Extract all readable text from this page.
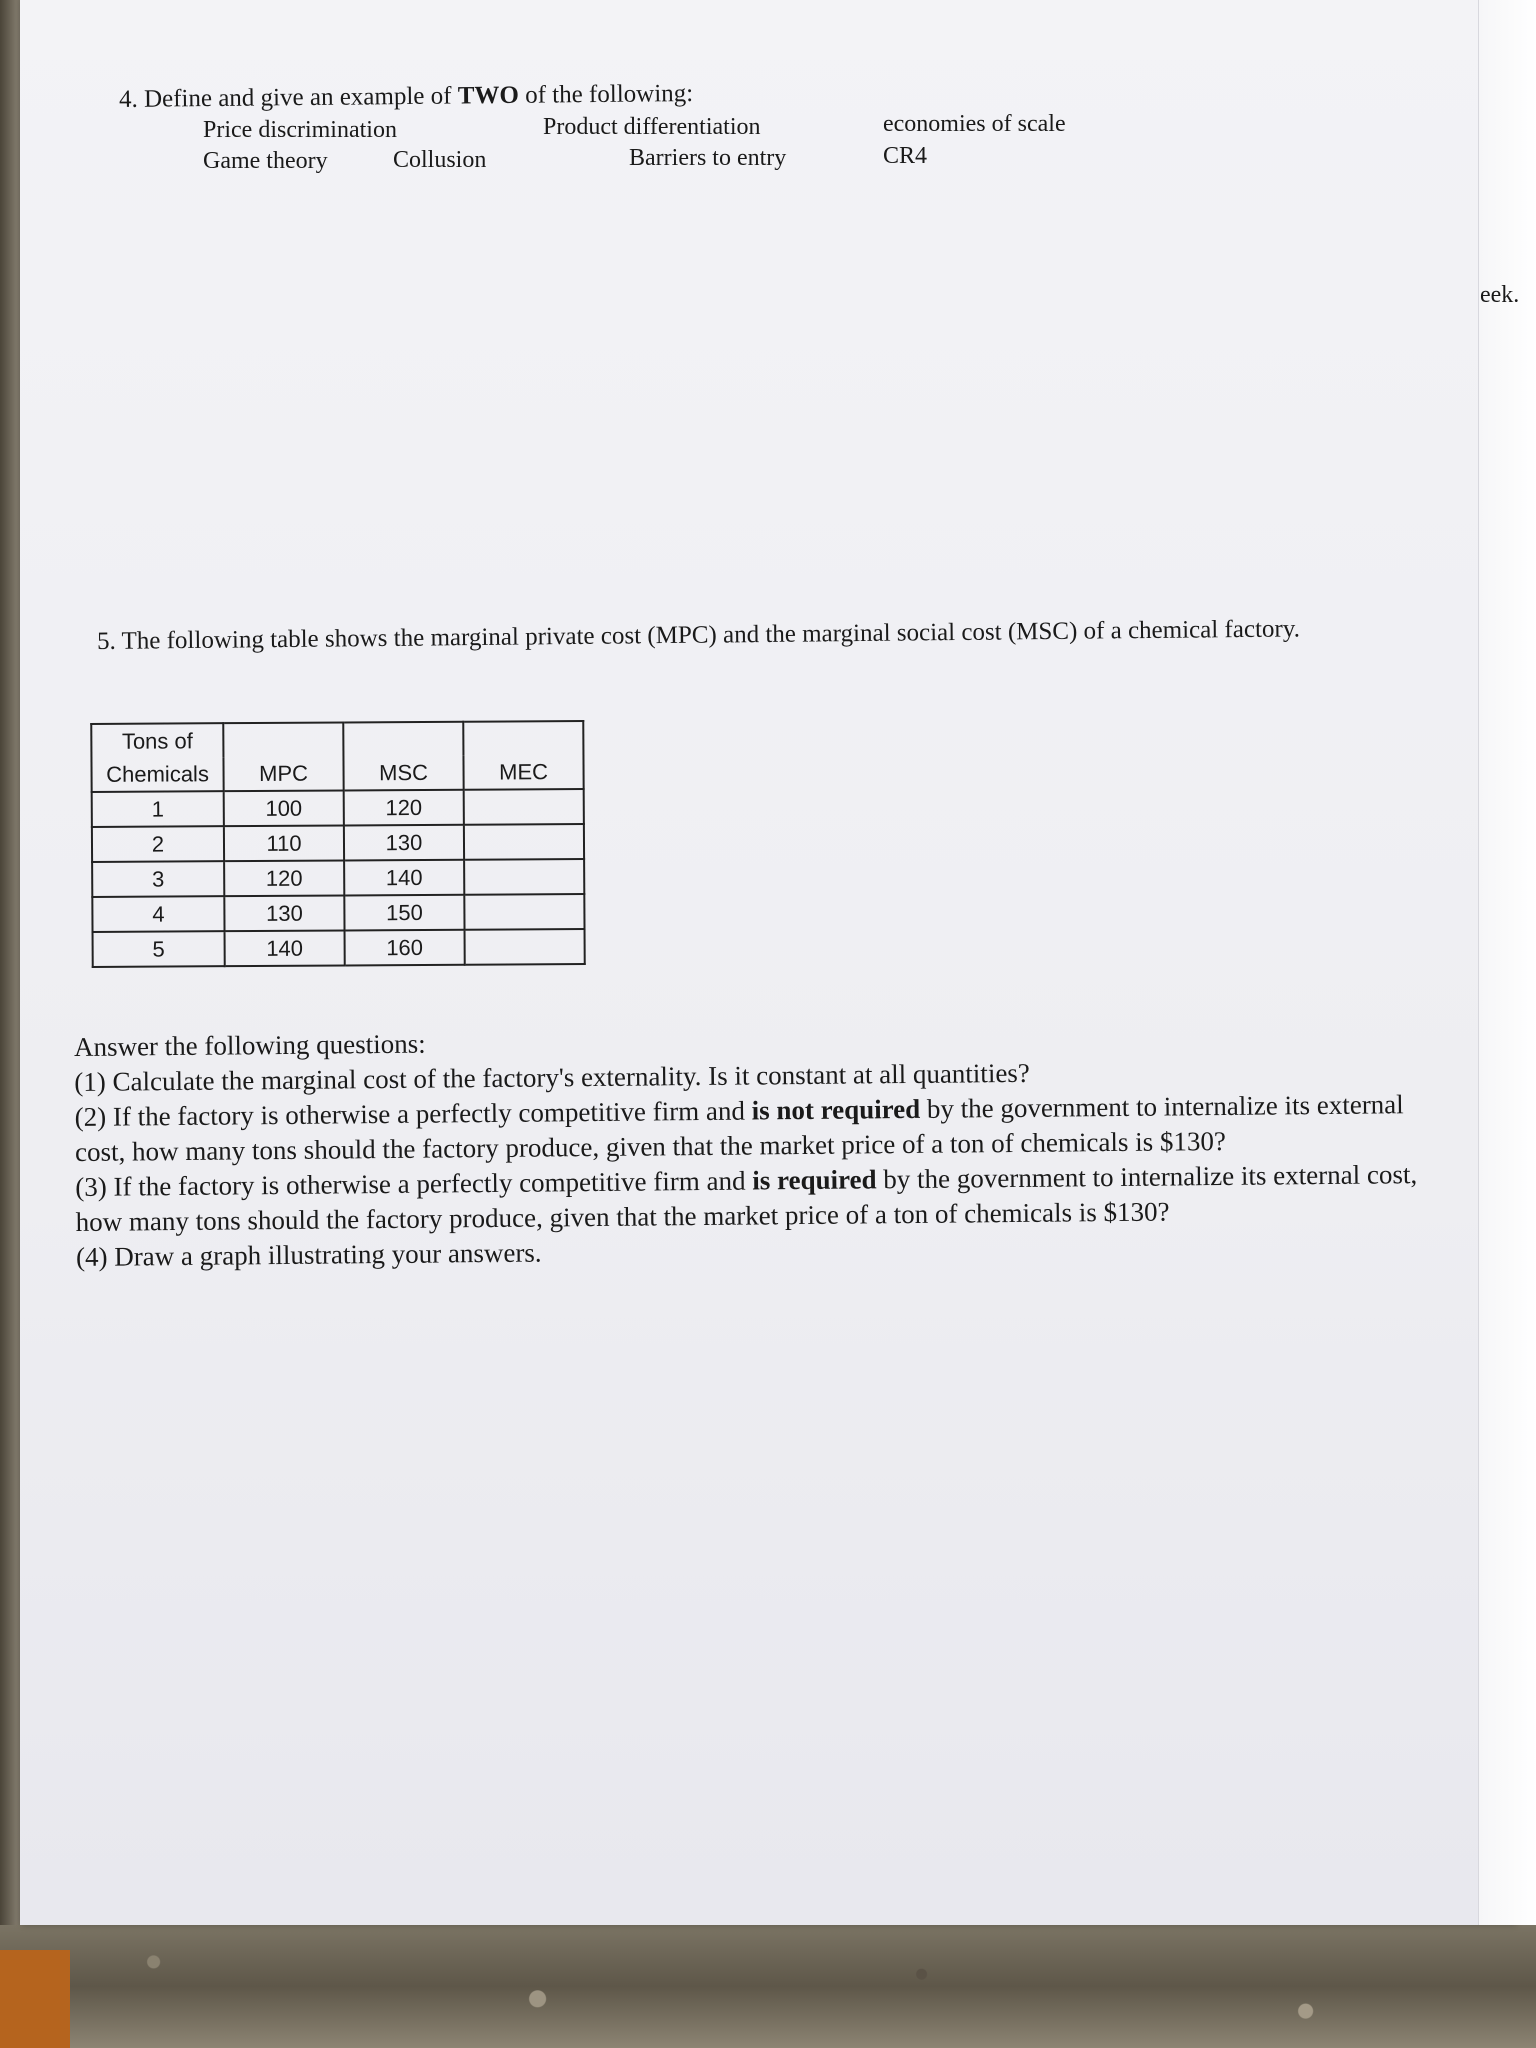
eek.
4. Define and give an example of TWO of the following:
Price discrimination	Product differentiation	economies of scale
Game theory	Collusion	Barriers to entry	CR4
5. The following table shows the marginal private cost (MPC) and the marginal social cost (MSC) of a chemical factory.
Tons of			
Chemicals	MPC	MSC	MEC
1	100	120	
2	110	130	
3	120	140	
4	130	150	
5	140	160	

Answer the following questions:

(1) Calculate the marginal cost of the factory's externality. Is it constant at all quantities?

(2) If the factory is otherwise a perfectly competitive firm and is not required by the government to internalize its external cost, how many tons should the factory produce, given that the market price of a ton of chemicals is $130?

(3) If the factory is otherwise a perfectly competitive firm and is required by the government to internalize its external cost, how many tons should the factory produce, given that the market price of a ton of chemicals is $130?

(4) Draw a graph illustrating your answers.
